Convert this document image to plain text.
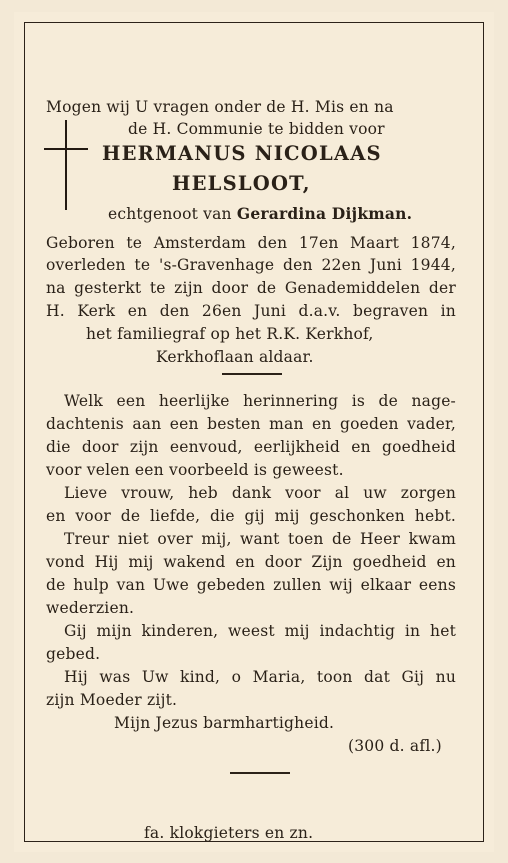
Mogen wij U vragen onder de H. Mis en na
de H. Communie te bidden voor
HERMANUS NICOLAAS
HELSLOOT,
echtgenoot van Gerardina Dijkman.
Geboren te Amsterdam den 17en Maart 1874,
overleden te 's-Gravenhage den 22en Juni 1944,
na gesterkt te zijn door de Genademiddelen der
H. Kerk en den 26en Juni d.a.v. begraven in
het familiegraf op het R.K. Kerkhof,
Kerkhoflaan aldaar.
Welk een heerlijke herinnering is de nage-
dachtenis aan een besten man en goeden vader,
die door zijn eenvoud, eerlijkheid en goedheid
voor velen een voorbeeld is geweest.
Lieve vrouw, heb dank voor al uw zorgen
en voor de liefde, die gij mij geschonken hebt.
Treur niet over mij, want toen de Heer kwam
vond Hij mij wakend en door Zijn goedheid en
de hulp van Uwe gebeden zullen wij elkaar eens
wederzien.
Gij mijn kinderen, weest mij indachtig in het
gebed.
Hij was Uw kind, o Maria, toon dat Gij nu
zijn Moeder zijt.
Mijn Jezus barmhartigheid.
(300 d. afl.)
fa. klokgieters en zn.
